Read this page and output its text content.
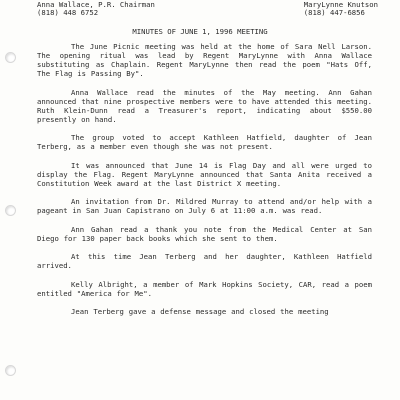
Anna Wallace, P.R. Chairman
(818) 448 6752
MaryLynne Knutson
(818) 447-6856
MINUTES OF JUNE 1, 1996 MEETING

The June Picnic meeting was held at the home of Sara Nell Larson. The opening ritual was lead by Regent MaryLynne with Anna Wallace substituting as Chaplain. Regent MaryLynne then read the poem "Hats Off, The Flag is Passing By".

Anna Wallace read the minutes of the May meeting. Ann Gahan announced that nine prospective members were to have attended this meeting. Ruth Klein-Dunn read a Treasurer's report, indicating about $550.00 presently on hand.

The group voted to accept Kathleen Hatfield, daughter of Jean Terberg, as a member even though she was not present.

It was announced that June 14 is Flag Day and all were urged to display the Flag. Regent MaryLynne announced that Santa Anita received a Constitution Week award at the last District X meeting.

An invitation from Dr. Mildred Murray to attend and/or help with a pageant in San Juan Capistrano on July 6 at 11:00 a.m. was read.

Ann Gahan read a thank you note from the Medical Center at San Diego for 130 paper back books which she sent to them.

At this time Jean Terberg and her daughter, Kathleen Hatfield arrived.

Kelly Albright, a member of Mark Hopkins Society, CAR, read a poem entitled "America for Me".

Jean Terberg gave a defense message and closed the meeting
